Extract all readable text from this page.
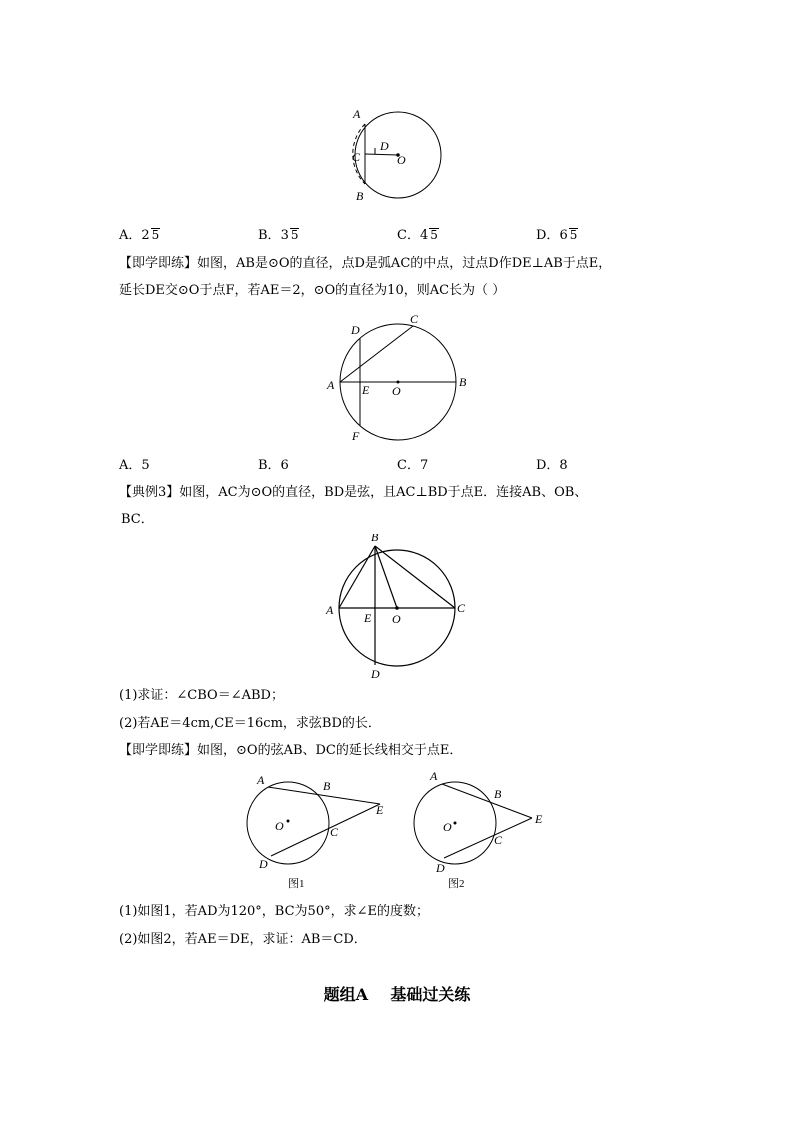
A
C
D
O
B
A．2 5	B．3 5	C．4 5	D．6 5
【即学即练】如图，AB是⊙O的直径，点D是弧AC的中点，过点D作DE⊥AB于点E，
延长DE交⊙O于点F，若AE＝2，⊙O的直径为10，则AC长为（ ）
D
C
A E O
B
F
A．5	B．6	C．7	D．8
【典例3】如图，AC为⊙O的直径，BD是弦，且AC⊥BD于点E．连接AB、OB、
BC．
B
A
E O
C
D
(1)求证：∠CBO＝∠ABD；
(2)若AE＝4cm,CE＝16cm，求弦BD的长．
【即学即练】如图，⊙O的弦AB、DC的延长线相交于点E．
A	B
E
O	C
D
图1
A
B
E
O
C
D
图2
(1)如图1，若AD为120°，BC为50°，求∠E的度数；
(2)如图2，若AE＝DE，求证：AB＝CD．
题组A    基础过关练
